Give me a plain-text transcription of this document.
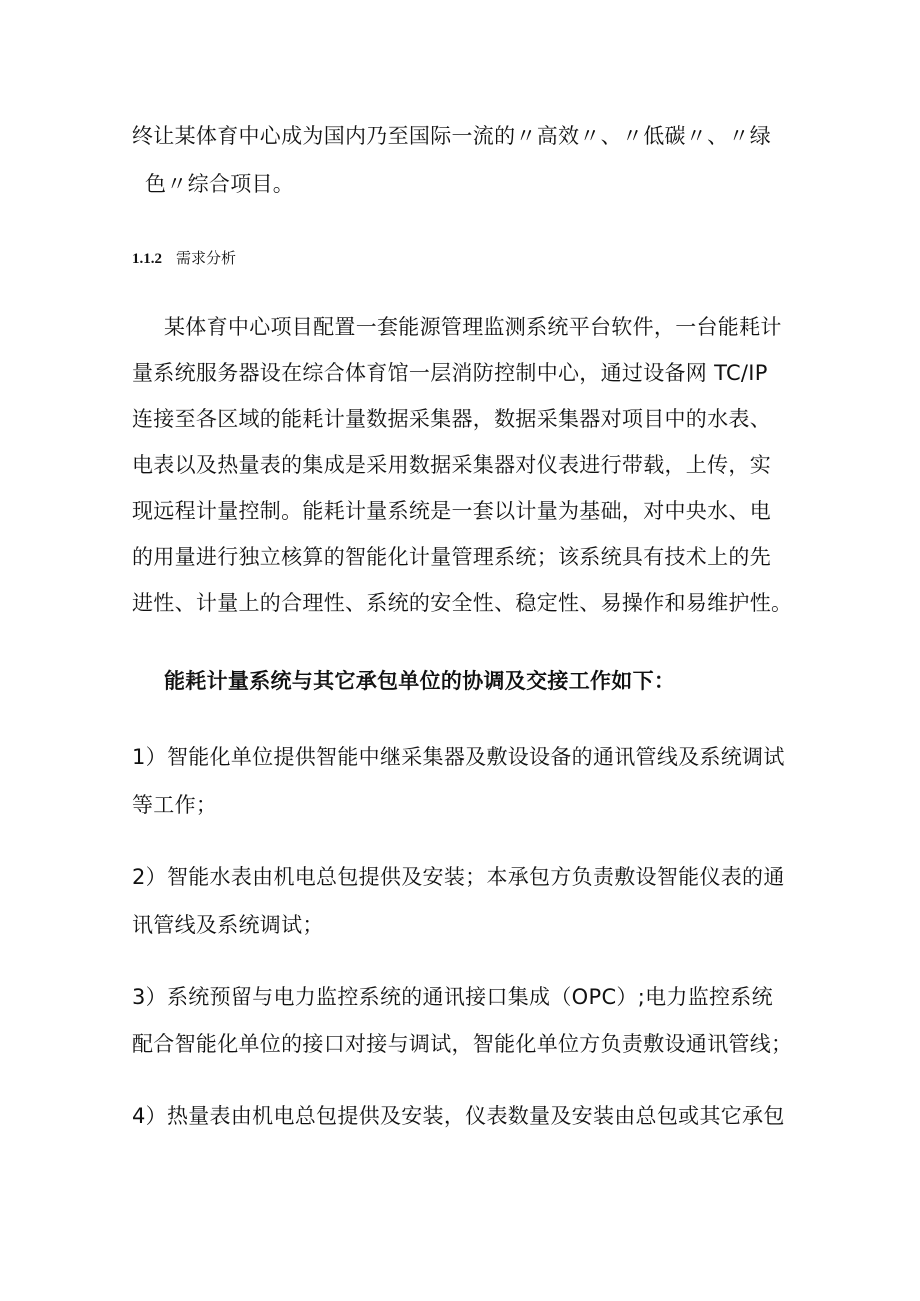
终让某体育中心成为国内乃至国际一流的〃高效〃、〃低碳〃、〃绿
色〃综合项目。
1.1.2 需求分析
某体育中心项目配置一套能源管理监测系统平台软件，一台能耗计
量系统服务器设在综合体育馆一层消防控制中心，通过设备网 TC/IP
连接至各区域的能耗计量数据采集器，数据采集器对项目中的水表、
电表以及热量表的集成是采用数据采集器对仪表进行带载，上传，实
现远程计量控制。能耗计量系统是一套以计量为基础，对中央水、电
的用量进行独立核算的智能化计量管理系统；该系统具有技术上的先
进性、计量上的合理性、系统的安全性、稳定性、易操作和易维护性。
能耗计量系统与其它承包单位的协调及交接工作如下：
1）智能化单位提供智能中继采集器及敷设设备的通讯管线及系统调试
等工作；
2）智能水表由机电总包提供及安装；本承包方负责敷设智能仪表的通
讯管线及系统调试；
3）系统预留与电力监控系统的通讯接口集成（OPC）;电力监控系统
配合智能化单位的接口对接与调试，智能化单位方负责敷设通讯管线；
4）热量表由机电总包提供及安装，仪表数量及安装由总包或其它承包
